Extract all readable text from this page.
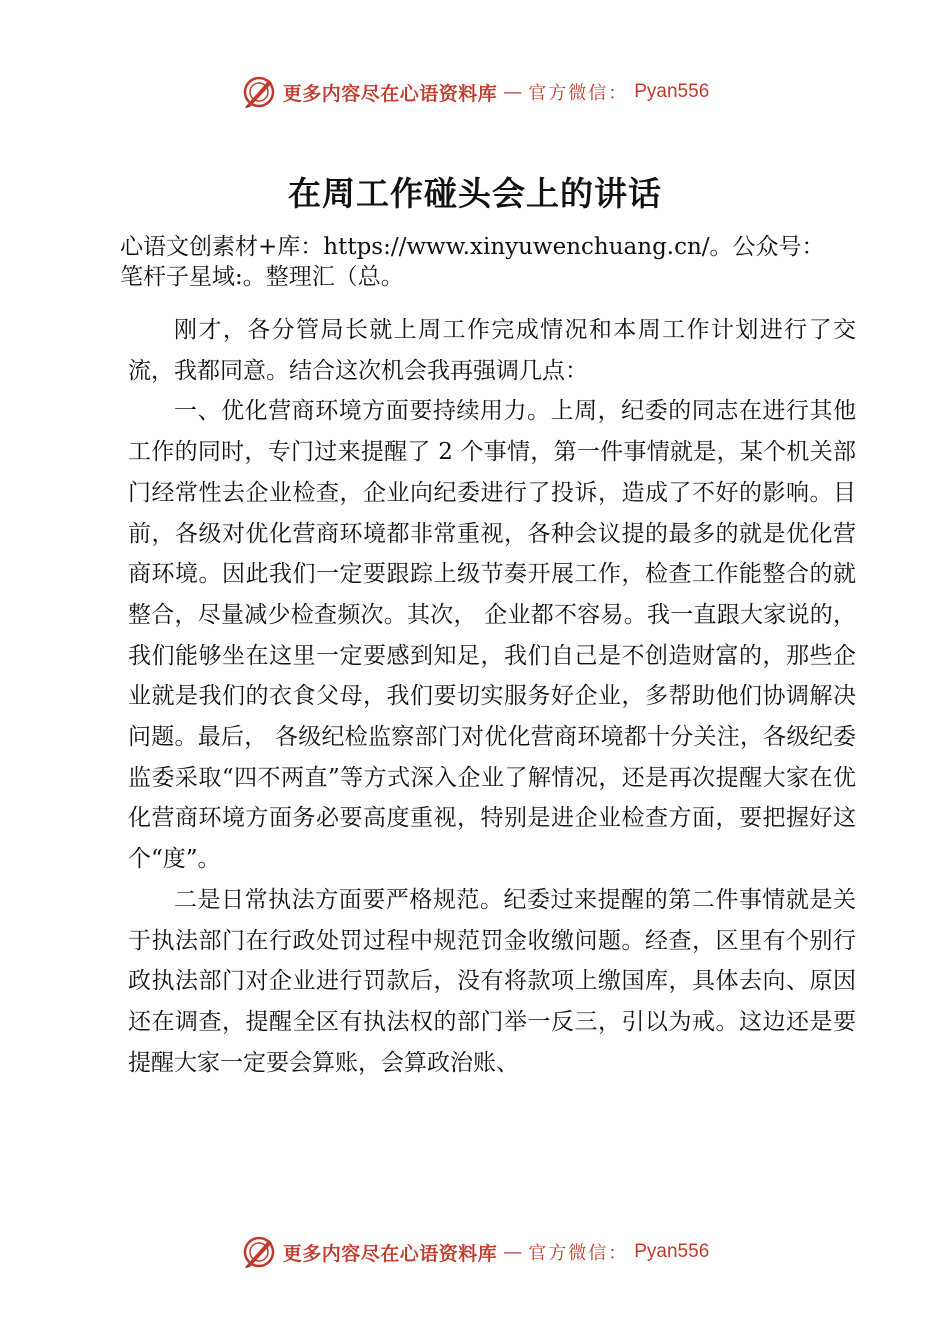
更多内容尽在心语资料库 — 官方微信： Pyan556
在周工作碰头会上的讲话
心语文创素材+库：https://www.xinyuwenchuang.cn/。公众号：笔杆子星域:。整理汇（总。

刚才，各分管局长就上周工作完成情况和本周工作计划进行了交流，我都同意。结合这次机会我再强调几点：

一、优化营商环境方面要持续用力。上周，纪委的同志在进行其他工作的同时，专门过来提醒了 2 个事情，第一件事情就是，某个机关部门经常性去企业检查，企业向纪委进行了投诉，造成了不好的影响。目前，各级对优化营商环境都非常重视，各种会议提的最多的就是优化营商环境。因此我们一定要跟踪上级节奏开展工作，检查工作能整合的就整合，尽量减少检查频次。其次， 企业都不容易。我一直跟大家说的，我们能够坐在这里一定要感到知足，我们自己是不创造财富的，那些企业就是我们的衣食父母，我们要切实服务好企业，多帮助他们协调解决问题。最后， 各级纪检监察部门对优化营商环境都十分关注，各级纪委监委采取“四不两直”等方式深入企业了解情况，还是再次提醒大家在优化营商环境方面务必要高度重视，特别是进企业检查方面，要把握好这个“度”。

二是日常执法方面要严格规范。纪委过来提醒的第二件事情就是关于执法部门在行政处罚过程中规范罚金收缴问题。经查，区里有个别行政执法部门对企业进行罚款后，没有将款项上缴国库，具体去向、原因还在调查，提醒全区有执法权的部门举一反三，引以为戒。这边还是要提醒大家一定要会算账，会算政治账、

更多内容尽在心语资料库 — 官方微信： Pyan556
